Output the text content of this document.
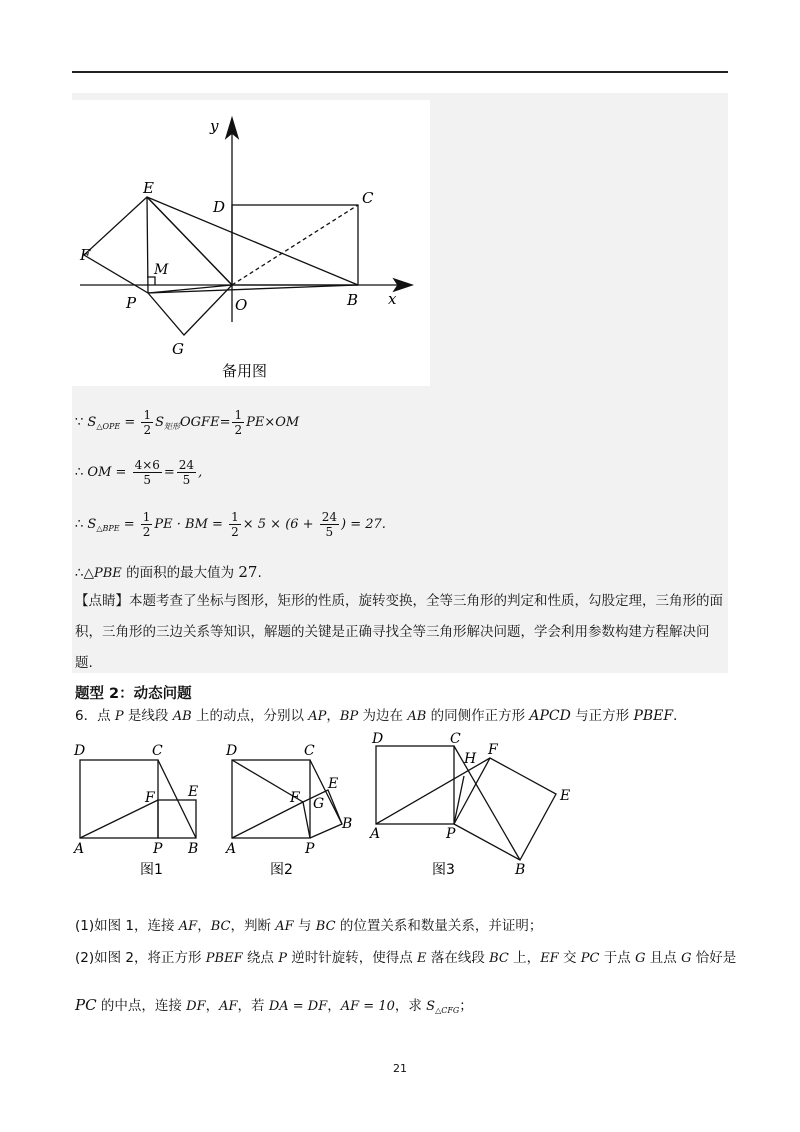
y
x
E
D	C
F
M
P	O	B
G
备用图
∵ $S_{\triangle OPE} = \frac{1}{2}$ $S_{矩形}OGFE= \frac{1}{2} PE\times OM$
∴ OM = $\frac{4\times 6}{5} = \frac{24}{5}$ ,
∴ $S_{\triangle BPE} = \frac{1}{2}$ PE · BM = $\frac{1}{2} \times 5 \times (6 + \frac{24}{5}$ ) = 27.
∴△PBE 的面积的最大值为 27.
【点睛】本题考查了坐标与图形，矩形的性质，旋转变换，全等三角形的判定和性质，勾股定理，三角形的面积，三角形的三边关系等知识，解题的关键是正确寻找全等三角形解决问题，学会利用参数构建方程解决问题.
题型 2：动态问题
6．点 P 是线段 AB 上的动点，分别以 AP，BP 为边在 AB 的同侧作正方形 APCD 与正方形 PBEF．
D	C
F E
A	P B
图1
D	C
E
F G
B
A	P
图2
D	C
H
F
E
A	P
B
图3
(1)如图 1，连接 AF，BC，判断 AF 与 BC 的位置关系和数量关系，并证明；
(2)如图 2，将正方形 PBEF 绕点 P 逆时针旋转，使得点 E 落在线段 BC 上，EF 交 PC 于点 G 且点 G 恰好是
PC 的中点，连接 DF，AF，若 DA = DF，AF = 10，求 $S_{\triangle CFG}$；
21
